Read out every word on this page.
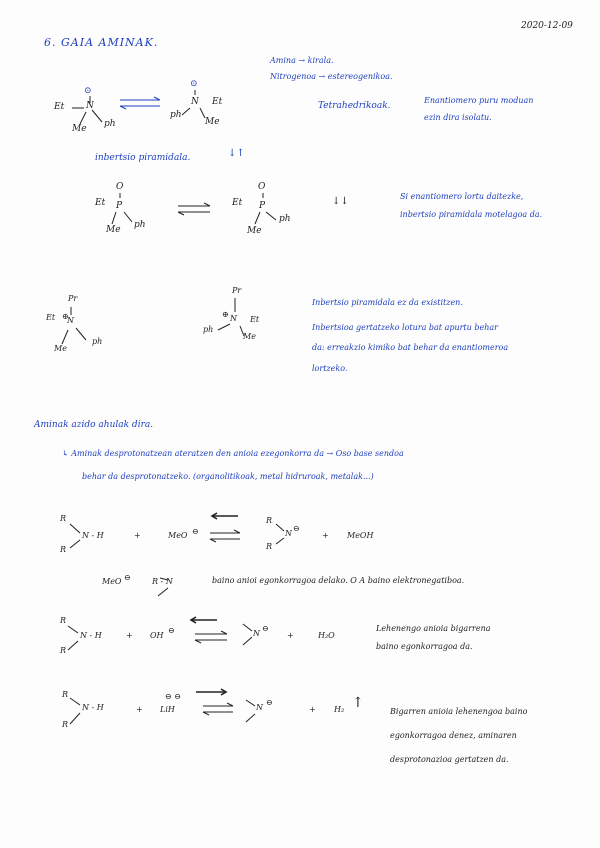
2020-12-09
6. GAIA AMINAK.
Amina → kirala.
Nitrogenoa → estereogenikoa.
Tetrahedrikoak.
Enantiomero puru moduan
ezin dira isolatu.
⊙
N
Et
Me ph
⊙
N Et
Me
ph
inbertsio piramidala.	↓↑
O
P
Et
Me ph
O
P
Et
Me
ph
↓↓	Si enantiomero lortu daitezke,
inbertsio piramidala motelagoa da.
Pr
N
⊕
Et
Me
ph
Pr
N
⊕
Et
Me
ph
Inbertsio piramidala ez da existitzen.
Inbertsioa gertatzeko lotura bat apurtu behar
da: erreakzio kimiko bat behar da enantiomeroa
lortzeko.
Aminak azido ahulak dira.
↳ Aminak desprotonatzean ateratzen den anioia ezegonkorra da → Oso base sendoa
behar da desprotonatzeko. (organolitikoak, metal hidruroak, metalak...)
R
R
N - H	+	MeO ⊖
R
R
N
⊖
+ MeOH
MeO ⊖	R - N	baino anioi egonkorragoa delako. O A baino elektronegatiboa.
R
R
N - H	+ OH
⊖	N
⊖
+	H₂O
Lehenengo anioia bigarrena
baino egonkorragoa da.
R
R
N - H	+ LiH
⊖ ⊖
N
⊖
+ H₂ ↑
Bigarren anioia lehenengoa baino
egonkorragoa denez, aminaren
desprotonazioa gertatzen da.
